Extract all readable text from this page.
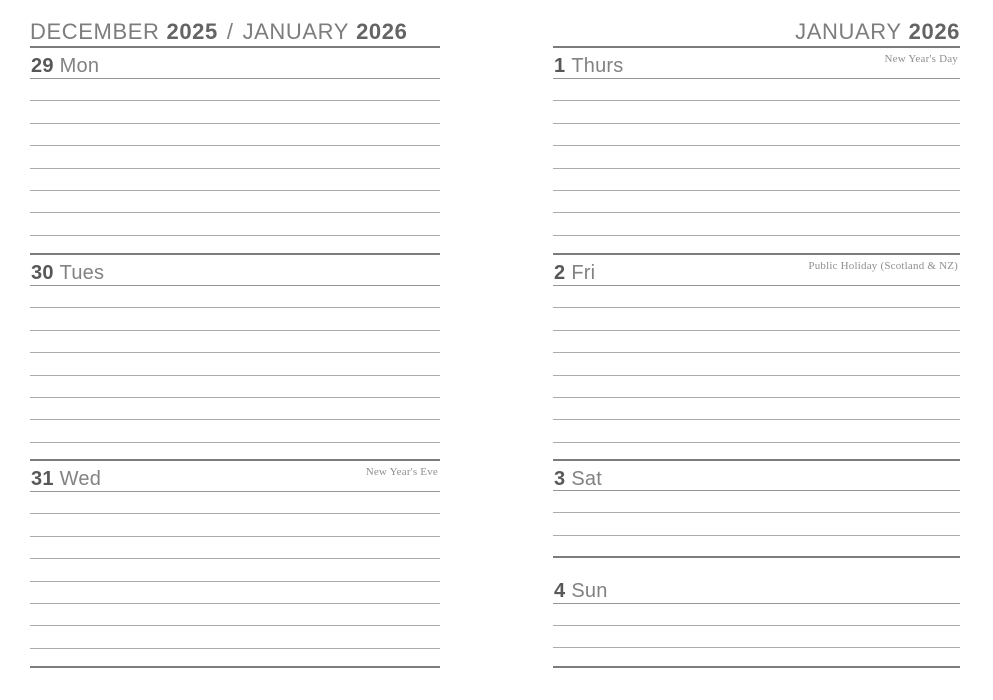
DECEMBER 2025 / JANUARY 2026
29 Mon
30 Tues
31 Wed	New Year's Eve
JANUARY 2026
1 Thurs	New Year's Day
2 Fri	Public Holiday (Scotland & NZ)
3 Sat
4 Sun
